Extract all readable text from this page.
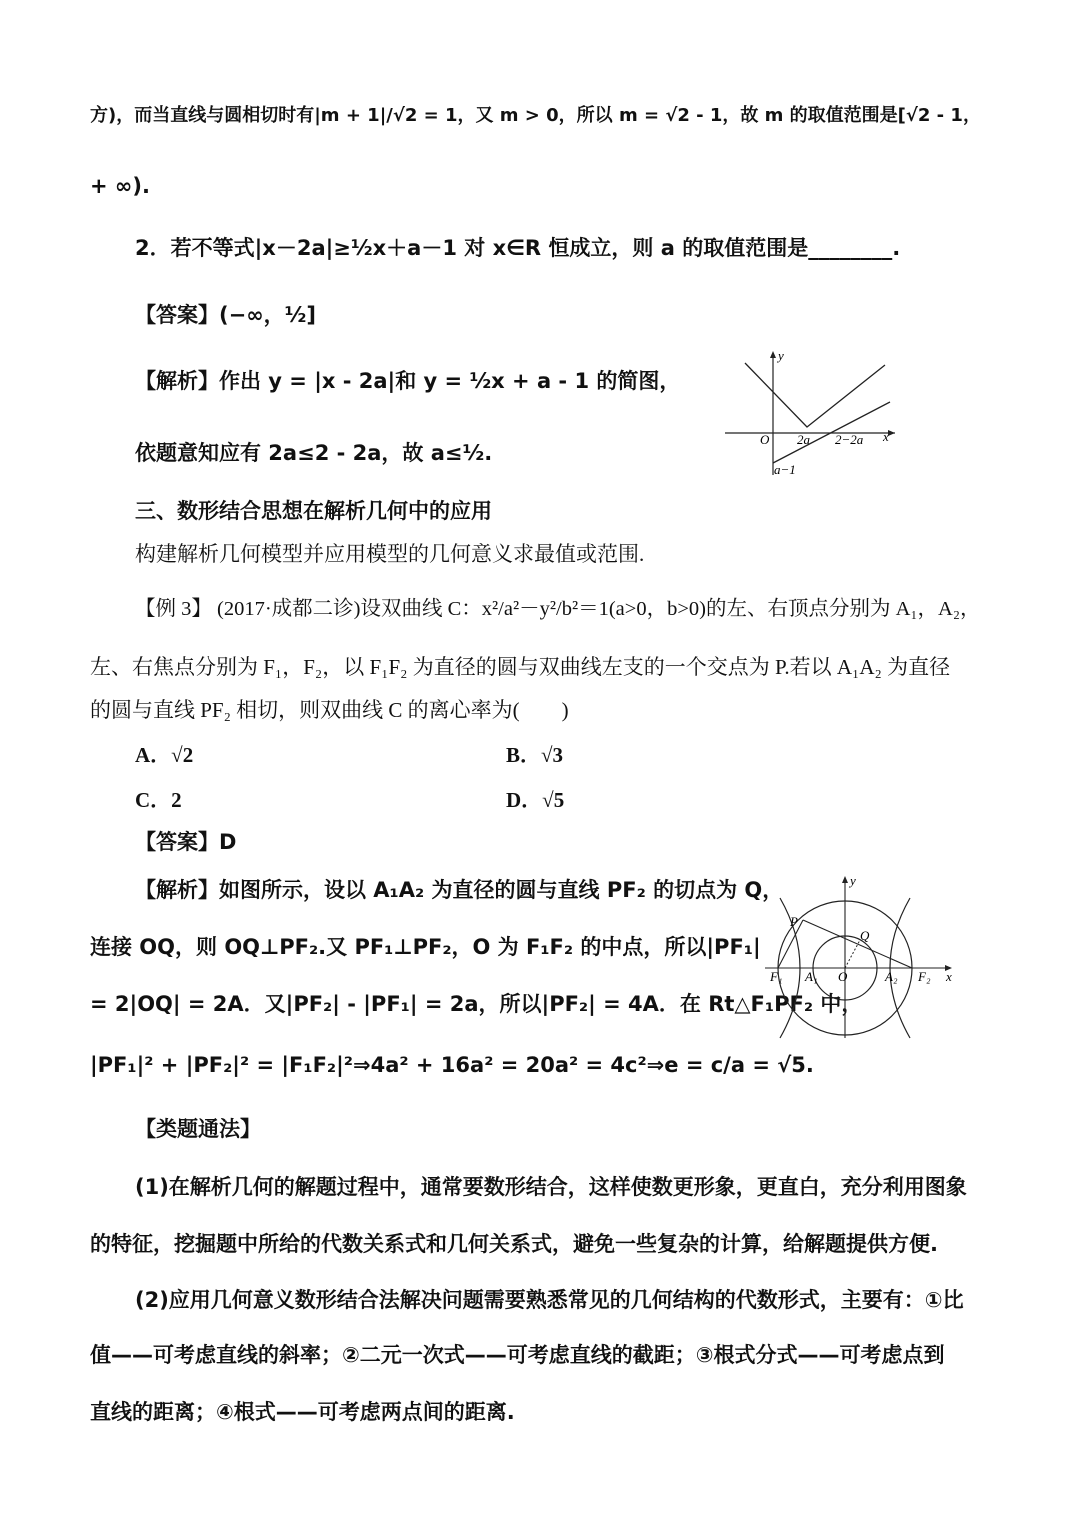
方)，而当直线与圆相切时有|m + 1|/√2 = 1，又 m > 0，所以 m = √2 - 1，故 m 的取值范围是[√2 - 1，
+ ∞).
2．若不等式|x－2a|≥½x＋a－1 对 x∈R 恒成立，则 a 的取值范围是________.
【答案】(−∞，½]
【解析】作出 y = |x - 2a|和 y = ½x + a - 1 的简图，
依题意知应有 2a≤2 - 2a，故 a≤½.
y
x
O 2a 2−2a
a−1
三、数形结合思想在解析几何中的应用
构建解析几何模型并应用模型的几何意义求最值或范围.
【例 3】 (2017·成都二诊)设双曲线 C：x²/a²－y²/b²＝1(a>0，b>0)的左、右顶点分别为 A₁，A₂，
左、右焦点分别为 F₁，F₂，以 F₁F₂ 为直径的圆与双曲线左支的一个交点为 P.若以 A₁A₂ 为直径
的圆与直线 PF₂ 相切，则双曲线 C 的离心率为(　　)
A．√2	B．√3
C．2	D．√5
【答案】D
【解析】如图所示，设以 A₁A₂ 为直径的圆与直线 PF₂ 的切点为 Q，
连接 OQ，则 OQ⊥PF₂.又 PF₁⊥PF₂，O 为 F₁F₂ 的中点，所以|PF₁|
= 2|OQ| = 2A．又|PF₂| - |PF₁| = 2a，所以|PF₂| = 4A．在 Rt△F₁PF₂ 中，
|PF₁|² + |PF₂|² = |F₁F₂|²⇒4a² + 16a² = 20a² = 4c²⇒e = c/a = √5.
y
x
P
Q
O
F₁ A₁	A₂ F₂
【类题通法】
(1)在解析几何的解题过程中，通常要数形结合，这样使数更形象，更直白，充分利用图象
的特征，挖掘题中所给的代数关系式和几何关系式，避免一些复杂的计算，给解题提供方便.
(2)应用几何意义数形结合法解决问题需要熟悉常见的几何结构的代数形式，主要有：①比
值——可考虑直线的斜率；②二元一次式——可考虑直线的截距；③根式分式——可考虑点到
直线的距离；④根式——可考虑两点间的距离.
